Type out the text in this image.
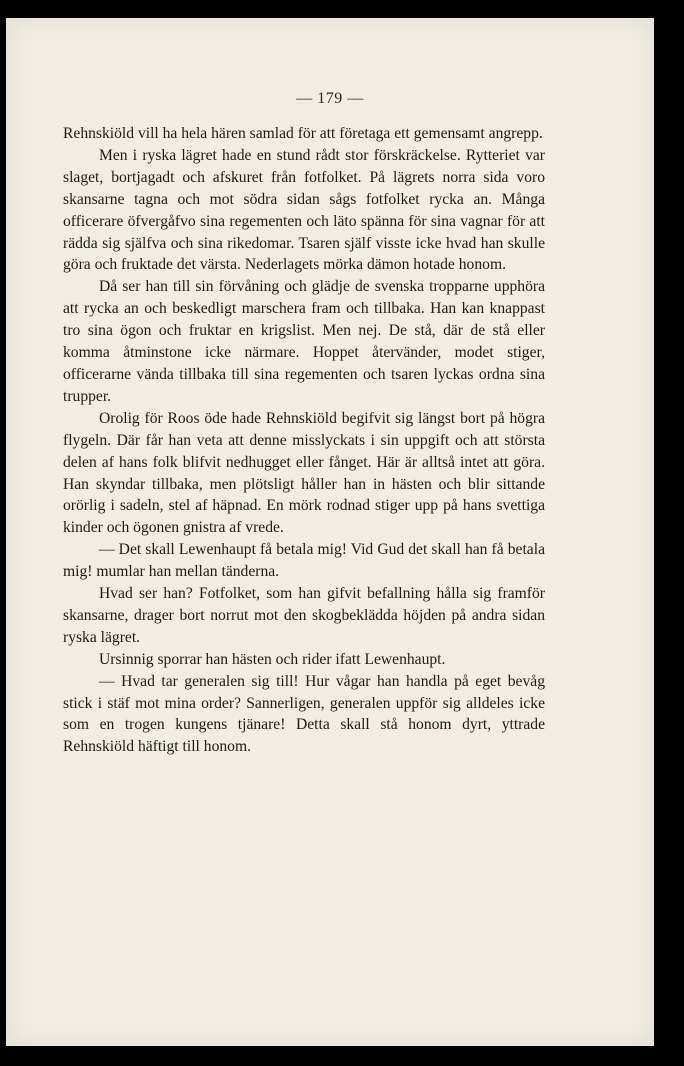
— 179 —

Rehnskiöld vill ha hela hären samlad för att företaga ett gemensamt angrepp.

Men i ryska lägret hade en stund rådt stor förskräckelse. Rytteriet var slaget, bortjagadt och afskuret från fotfolket. På lägrets norra sida voro skansarne tagna och mot södra sidan sågs fotfolket rycka an. Många officerare öfvergåfvo sina regementen och läto spänna för sina vagnar för att rädda sig själfva och sina rikedomar. Tsaren själf visste icke hvad han skulle göra och fruktade det värsta. Nederlagets mörka dämon hotade honom.

Då ser han till sin förvåning och glädje de svenska tropparne upphöra att rycka an och beskedligt marschera fram och tillbaka. Han kan knappast tro sina ögon och fruktar en krigslist. Men nej. De stå, där de stå eller komma åtminstone icke närmare. Hoppet återvänder, modet stiger, officerarne vända tillbaka till sina regementen och tsaren lyckas ordna sina trupper.

Orolig för Roos öde hade Rehnskiöld begifvit sig längst bort på högra flygeln. Där får han veta att denne misslyckats i sin uppgift och att största delen af hans folk blifvit nedhugget eller fånget. Här är alltså intet att göra. Han skyndar tillbaka, men plötsligt håller han in hästen och blir sittande orörlig i sadeln, stel af häpnad. En mörk rodnad stiger upp på hans svettiga kinder och ögonen gnistra af vrede.

— Det skall Lewenhaupt få betala mig! Vid Gud det skall han få betala mig! mumlar han mellan tänderna.

Hvad ser han? Fotfolket, som han gifvit befallning hålla sig framför skansarne, drager bort norrut mot den skogbeklädda höjden på andra sidan ryska lägret.

Ursinnig sporrar han hästen och rider ifatt Lewenhaupt.

— Hvad tar generalen sig till! Hur vågar han handla på eget bevåg stick i stäf mot mina order? Sannerligen, generalen uppför sig alldeles icke som en trogen kungens tjänare! Detta skall stå honom dyrt, yttrade Rehnskiöld häftigt till honom.
